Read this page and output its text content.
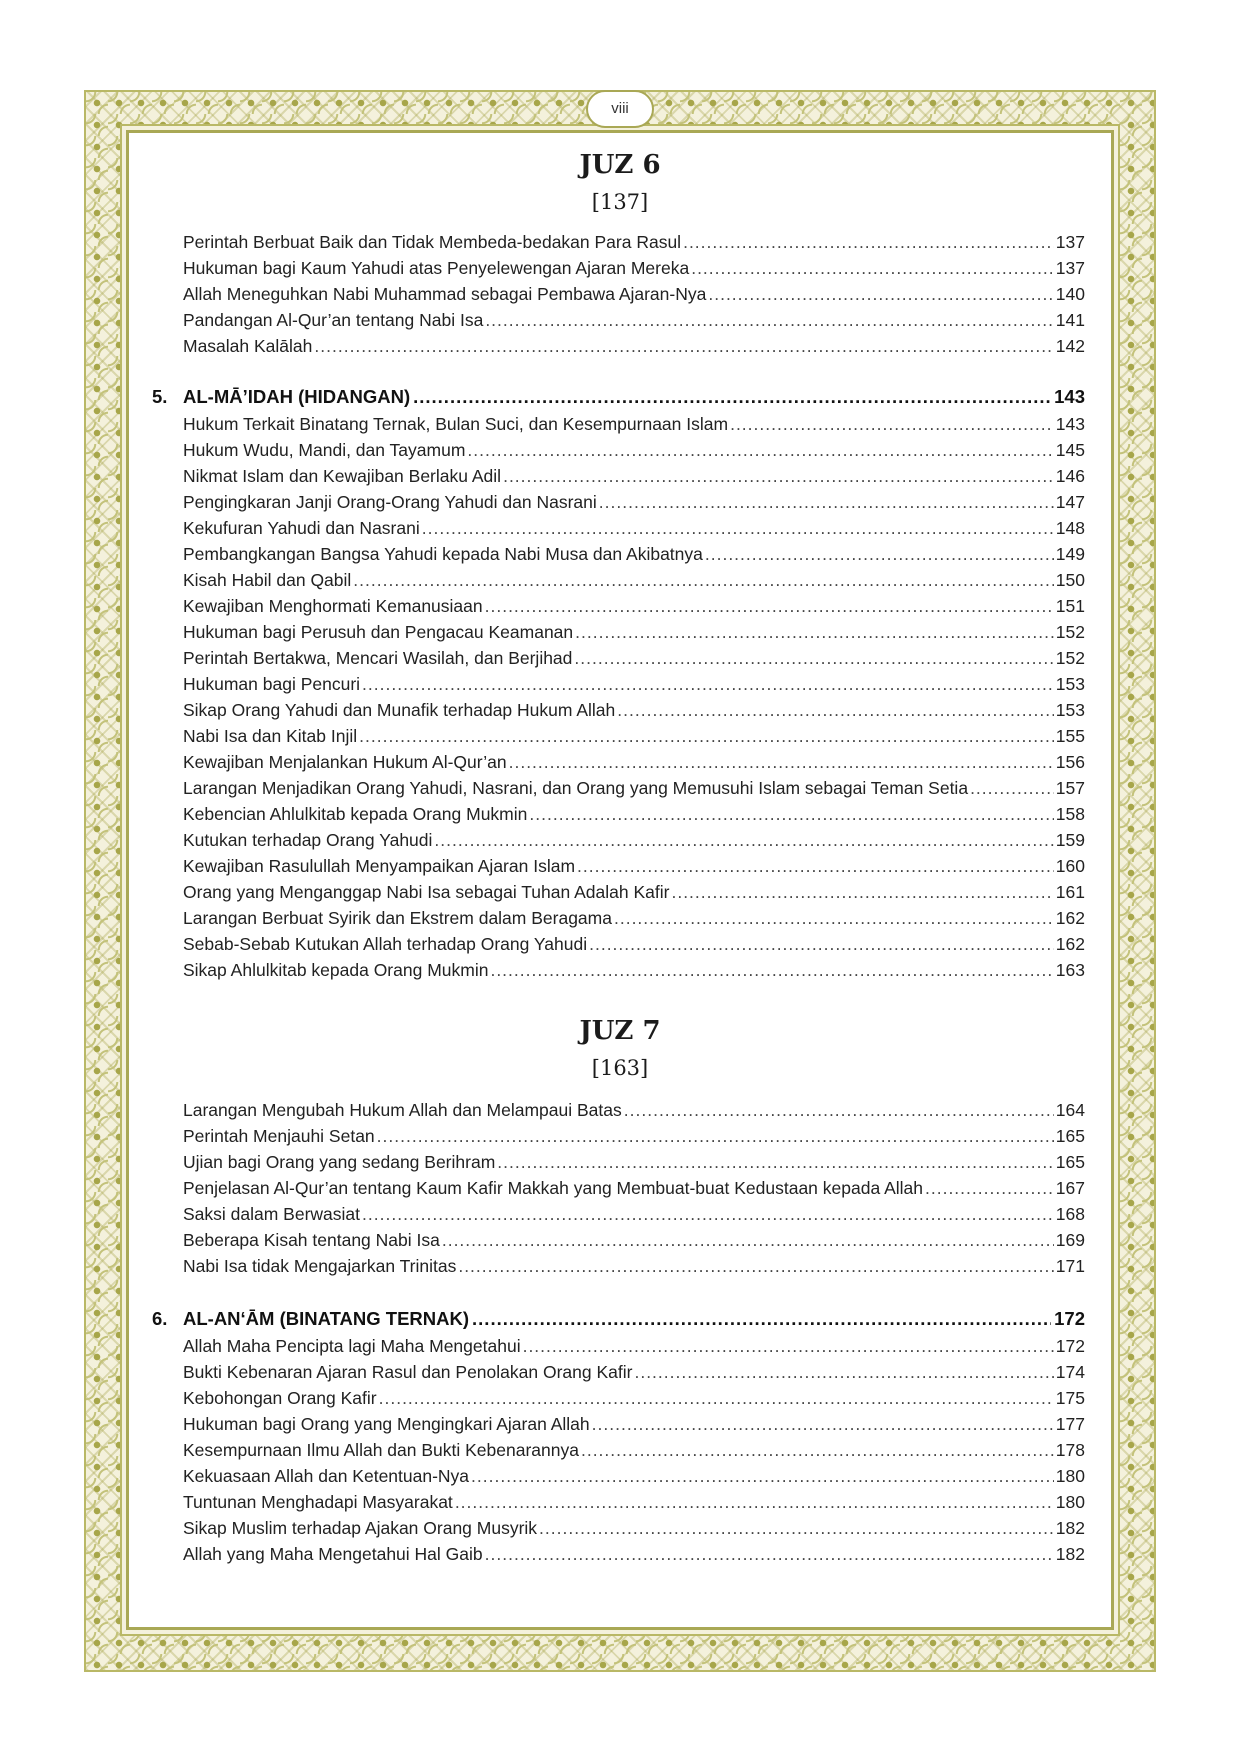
viii
JUZ 6
[137]
Perintah Berbuat Baik dan Tidak Membeda-bedakan Para Rasul .....	137
Hukuman bagi Kaum Yahudi atas Penyelewengan Ajaran Mereka .....	137
Allah Meneguhkan Nabi Muhammad sebagai Pembawa Ajaran-Nya .....	140
Pandangan Al-Qur’an tentang Nabi Isa .....	141
Masalah Kalālah .....	142
5. AL-MĀ’IDAH (HIDANGAN) .....	143
Hukum Terkait Binatang Ternak, Bulan Suci, dan Kesempurnaan Islam .....	143
Hukum Wudu, Mandi, dan Tayamum .....	145
Nikmat Islam dan Kewajiban Berlaku Adil .....	146
Pengingkaran Janji Orang-Orang Yahudi dan Nasrani .....	147
Kekufuran Yahudi dan Nasrani .....	148
Pembangkangan Bangsa Yahudi kepada Nabi Musa dan Akibatnya .....	149
Kisah Habil dan Qabil .....	150
Kewajiban Menghormati Kemanusiaan .....	151
Hukuman bagi Perusuh dan Pengacau Keamanan .....	152
Perintah Bertakwa, Mencari Wasilah, dan Berjihad .....	152
Hukuman bagi Pencuri .....	153
Sikap Orang Yahudi dan Munafik terhadap Hukum Allah .....	153
Nabi Isa dan Kitab Injil .....	155
Kewajiban Menjalankan Hukum Al-Qur’an .....	156
Larangan Menjadikan Orang Yahudi, Nasrani, dan Orang yang Memusuhi Islam sebagai Teman Setia .....	157
Kebencian Ahlulkitab kepada Orang Mukmin .....	158
Kutukan terhadap Orang Yahudi .....	159
Kewajiban Rasulullah Menyampaikan Ajaran Islam .....	160
Orang yang Menganggap Nabi Isa sebagai Tuhan Adalah Kafir .....	161
Larangan Berbuat Syirik dan Ekstrem dalam Beragama .....	162
Sebab-Sebab Kutukan Allah terhadap Orang Yahudi .....	162
Sikap Ahlulkitab kepada Orang Mukmin .....	163
JUZ 7
[163]
Larangan Mengubah Hukum Allah dan Melampaui Batas .....	164
Perintah Menjauhi Setan .....	165
Ujian bagi Orang yang sedang Berihram .....	165
Penjelasan Al-Qur’an tentang Kaum Kafir Makkah yang Membuat-buat Kedustaan kepada Allah .....	167
Saksi dalam Berwasiat .....	168
Beberapa Kisah tentang Nabi Isa .....	169
Nabi Isa tidak Mengajarkan Trinitas .....	171
6. AL-AN‘ĀM (BINATANG TERNAK) .....	172
Allah Maha Pencipta lagi Maha Mengetahui .....	172
Bukti Kebenaran Ajaran Rasul dan Penolakan Orang Kafir .....	174
Kebohongan Orang Kafir .....	175
Hukuman bagi Orang yang Mengingkari Ajaran Allah .....	177
Kesempurnaan Ilmu Allah dan Bukti Kebenarannya .....	178
Kekuasaan Allah dan Ketentuan-Nya .....	180
Tuntunan Menghadapi Masyarakat .....	180
Sikap Muslim terhadap Ajakan Orang Musyrik .....	182
Allah yang Maha Mengetahui Hal Gaib .....	182
